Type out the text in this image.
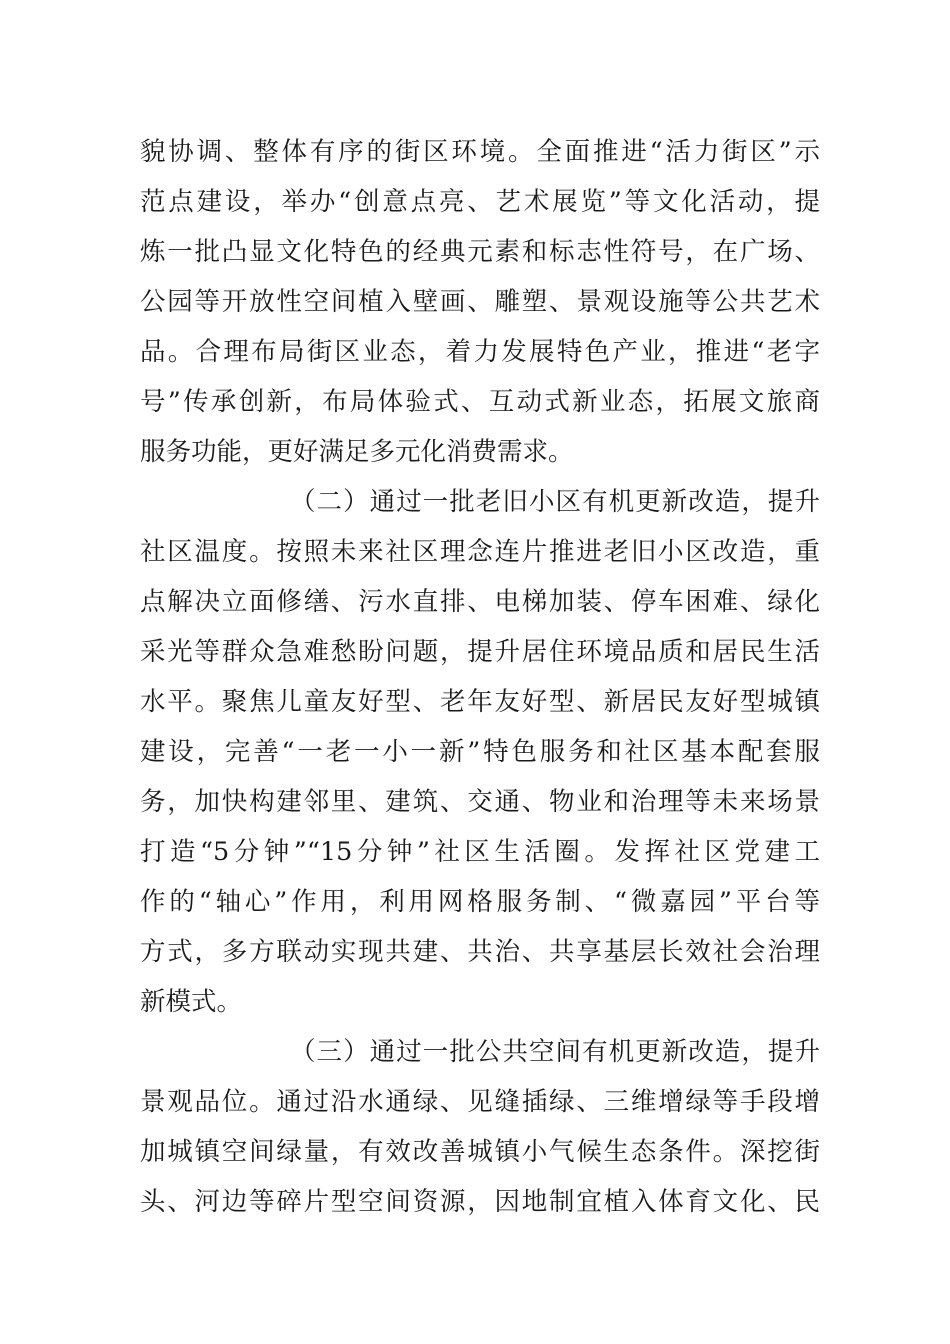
貌协调、整体有序的街区环境。全面推进“活力街区”示
范点建设，举办“创意点亮、艺术展览”等文化活动，提
炼一批凸显文化特色的经典元素和标志性符号，在广场、
公园等开放性空间植入壁画、雕塑、景观设施等公共艺术
品。合理布局街区业态，着力发展特色产业，推进“老字
号”传承创新，布局体验式、互动式新业态，拓展文旅商
服务功能，更好满足多元化消费需求。
（二）通过一批老旧小区有机更新改造，提升
社区温度。按照未来社区理念连片推进老旧小区改造，重
点解决立面修缮、污水直排、电梯加装、停车困难、绿化
采光等群众急难愁盼问题，提升居住环境品质和居民生活
水平。聚焦儿童友好型、老年友好型、新居民友好型城镇
建设，完善“一老一小一新”特色服务和社区基本配套服
务，加快构建邻里、建筑、交通、物业和治理等未来场景
打造“5分钟”“15分钟”社区生活圈。发挥社区党建工
作的“轴心”作用，利用网格服务制、“微嘉园”平台等
方式，多方联动实现共建、共治、共享基层长效社会治理
新模式。
（三）通过一批公共空间有机更新改造，提升
景观品位。通过沿水通绿、见缝插绿、三维增绿等手段增
加城镇空间绿量，有效改善城镇小气候生态条件。深挖街
头、河边等碎片型空间资源，因地制宜植入体育文化、民
